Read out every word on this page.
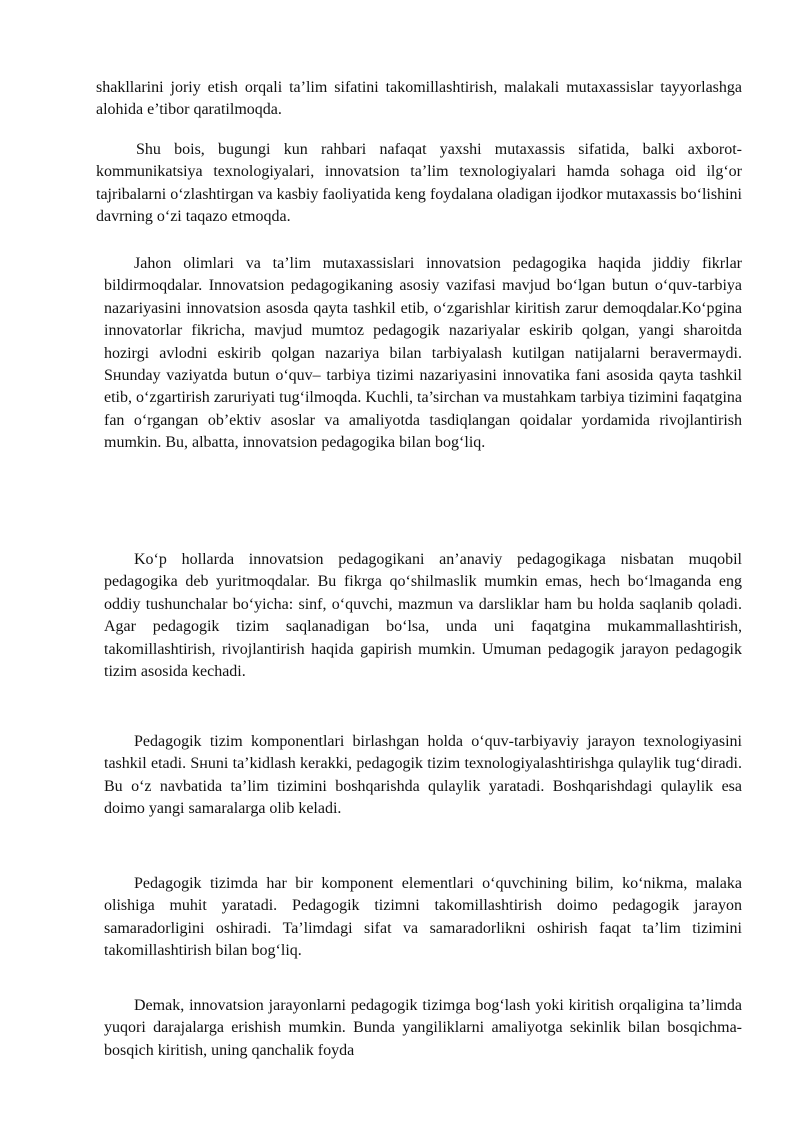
shakllarini joriy etish orqali ta’lim sifatini takomillashtirish, malakali mutaxassislar tayyorlashga alohida e’tibor qaratilmoqda.

Shu bois, bugungi kun rahbari nafaqat yaxshi mutaxassis sifatida, balki axborot-kommunikatsiya texnologiyalari, innovatsion ta’lim texnologiyalari hamda sohaga oid ilg‘or tajribalarni o‘zlashtirgan va kasbiy faoliyatida keng foydalana oladigan ijodkor mutaxassis bo‘lishini davrning o‘zi taqazo etmoqda.

Jahon olimlari va ta’lim mutaxassislari innovatsion pedagogika haqida jiddiy fikrlar bildirmoqdalar. Innovatsion pedagogikaning asosiy vazifasi mavjud bo‘lgan butun o‘quv-tarbiya nazariyasini innovatsion asosda qayta tashkil etib, o‘zgarishlar kiritish zarur demoqdalar.Ko‘pgina innovatorlar fikricha, mavjud mumtoz pedagogik nazariyalar eskirib qolgan, yangi sharoitda hozirgi avlodni eskirib qolgan nazariya bilan tarbiyalash kutilgan natijalarni beravermaydi. Sнunday vaziyatda butun o‘quv– tarbiya tizimi nazariyasini innovatika fani asosida qayta tashkil etib, o‘zgartirish zaruriyati tug‘ilmoqda. Kuchli, ta’sirchan va mustahkam tarbiya tizimini faqatgina fan o‘rgangan ob’ektiv asoslar va amaliyotda tasdiqlangan qoidalar yordamida rivojlantirish mumkin. Bu, albatta, innovatsion pedagogika bilan bog‘liq.

Ko‘p hollarda innovatsion pedagogikani an’anaviy pedagogikaga nisbatan muqobil pedagogika deb yuritmoqdalar. Bu fikrga qo‘shilmaslik mumkin emas, hech bo‘lmaganda eng oddiy tushunchalar bo‘yicha: sinf, o‘quvchi, mazmun va darsliklar ham bu holda saqlanib qoladi. Agar pedagogik tizim saqlanadigan bo‘lsa, unda uni faqatgina mukammallashtirish, takomillashtirish, rivojlantirish haqida gapirish mumkin. Umuman pedagogik jarayon pedagogik tizim asosida kechadi.

Pedagogik tizim komponentlari birlashgan holda o‘quv-tarbiyaviy jarayon texnologiyasini tashkil etadi. Sнuni ta’kidlash kerakki, pedagogik tizim texnologiyalashtirishga qulaylik tug‘diradi. Bu o‘z navbatida ta’lim tizimini boshqarishda qulaylik yaratadi. Boshqarishdagi qulaylik esa doimo yangi samaralarga olib keladi.

Pedagogik tizimda har bir komponent elementlari o‘quvchining bilim, ko‘nikma, malaka olishiga muhit yaratadi. Pedagogik tizimni takomillashtirish doimo pedagogik jarayon samaradorligini oshiradi. Ta’limdagi sifat va samaradorlikni oshirish faqat ta’lim tizimini takomillashtirish bilan bog‘liq.

Demak, innovatsion jarayonlarni pedagogik tizimga bog‘lash yoki kiritish orqaligina ta’limda yuqori darajalarga erishish mumkin. Bunda yangiliklarni amaliyotga sekinlik bilan bosqichma-bosqich kiritish, uning qanchalik foyda
